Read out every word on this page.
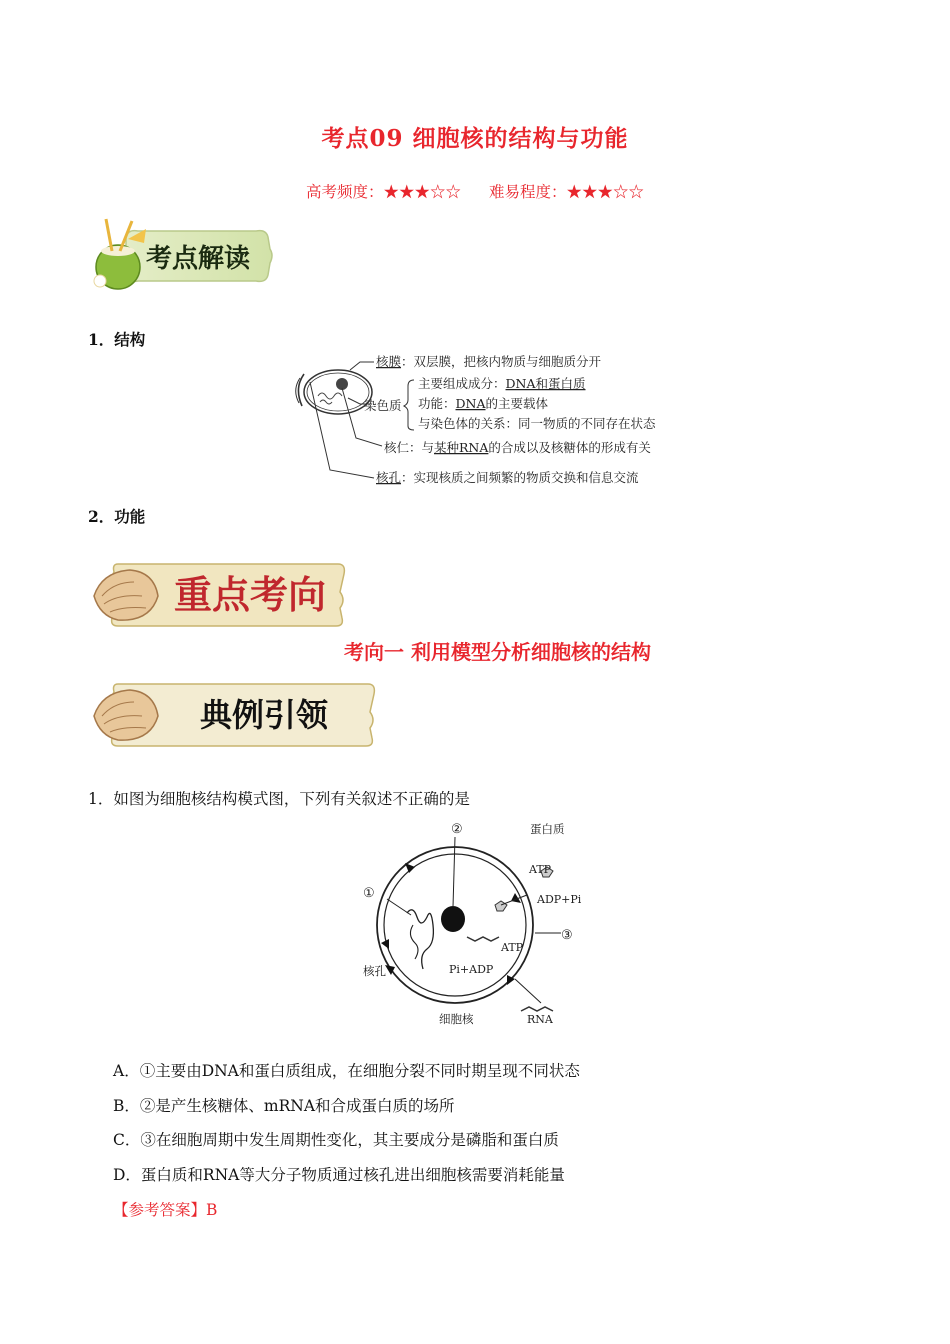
考点09 细胞核的结构与功能
高考频度：★★★☆☆ 难易程度：★★★☆☆
考点解读
1．结构
核膜：双层膜，把核内物质与细胞质分开
染色质
主要组成成分：DNA和蛋白质
功能：DNA的主要载体
与染色体的关系：同一物质的不同存在状态
核仁：与某种RNA的合成以及核糖体的形成有关
核孔：实现核质之间频繁的物质交换和信息交流
2．功能
重点考向
考向一 利用模型分析细胞核的结构
典例引领
1．如图为细胞核结构模式图，下列有关叙述不正确的是
②	蛋白质
ATP
ADP+Pi
①
③
ATP
Pi+ADP
核孔
细胞核	RNA
A．①主要由DNA和蛋白质组成，在细胞分裂不同时期呈现不同状态
B．②是产生核糖体、mRNA和合成蛋白质的场所
C．③在细胞周期中发生周期性变化，其主要成分是磷脂和蛋白质
D．蛋白质和RNA等大分子物质通过核孔进出细胞核需要消耗能量
【参考答案】B
